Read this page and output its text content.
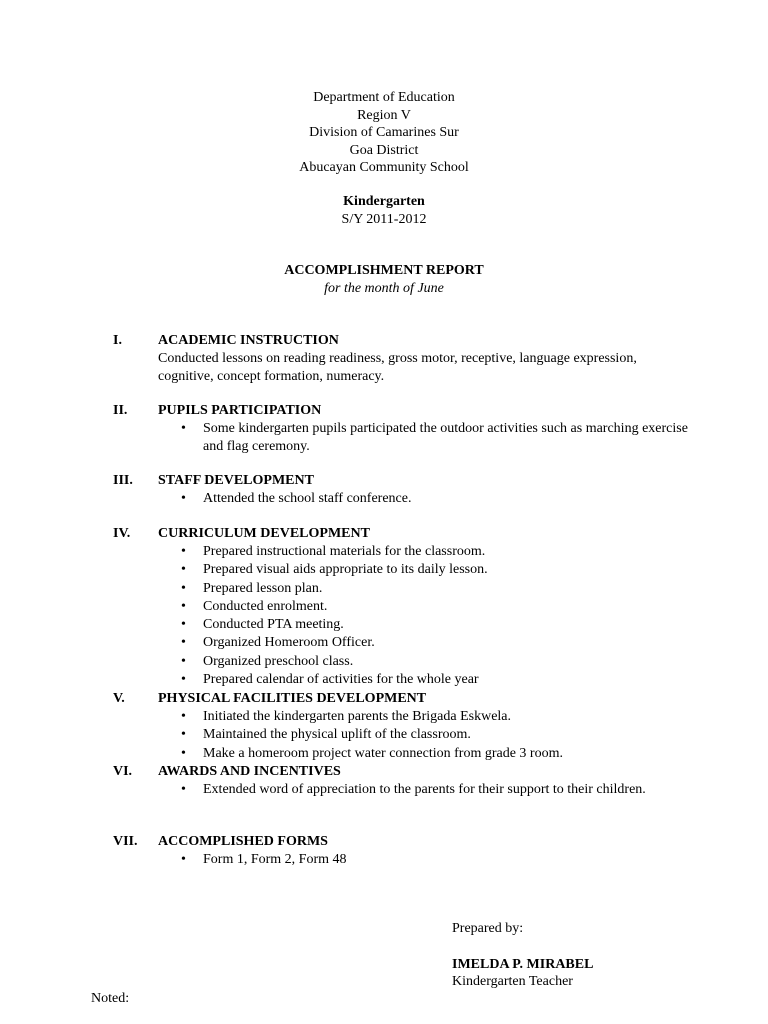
Department of Education
Region V
Division of Camarines Sur
Goa District
Abucayan Community School
Kindergarten
S/Y 2011-2012
ACCOMPLISHMENT REPORT
for the month of June
I.	ACADEMIC INSTRUCTION
Conducted lessons on reading readiness, gross motor, receptive, language expression, cognitive, concept formation, numeracy.
II. PUPILS PARTICIPATION
• Some kindergarten pupils participated the outdoor activities such as marching exercise and flag ceremony.
III. STAFF DEVELOPMENT
• Attended the school staff conference.
IV. CURRICULUM DEVELOPMENT
• Prepared instructional materials for the classroom.
• Prepared visual aids appropriate to its daily lesson.
• Prepared lesson plan.
• Conducted enrolment.
• Conducted PTA meeting.
• Organized Homeroom Officer.
• Organized preschool class.
• Prepared calendar of activities for the whole year
V. PHYSICAL FACILITIES DEVELOPMENT
• Initiated the kindergarten parents the Brigada Eskwela.
• Maintained the physical uplift of the classroom.
• Make a homeroom project water connection from grade 3 room.
VI. AWARDS AND INCENTIVES
• Extended word of appreciation to the parents for their support to their children.
VII. ACCOMPLISHED FORMS
• Form 1, Form 2, Form 48
Prepared by:
IMELDA P. MIRABEL
Kindergarten Teacher
Noted:
